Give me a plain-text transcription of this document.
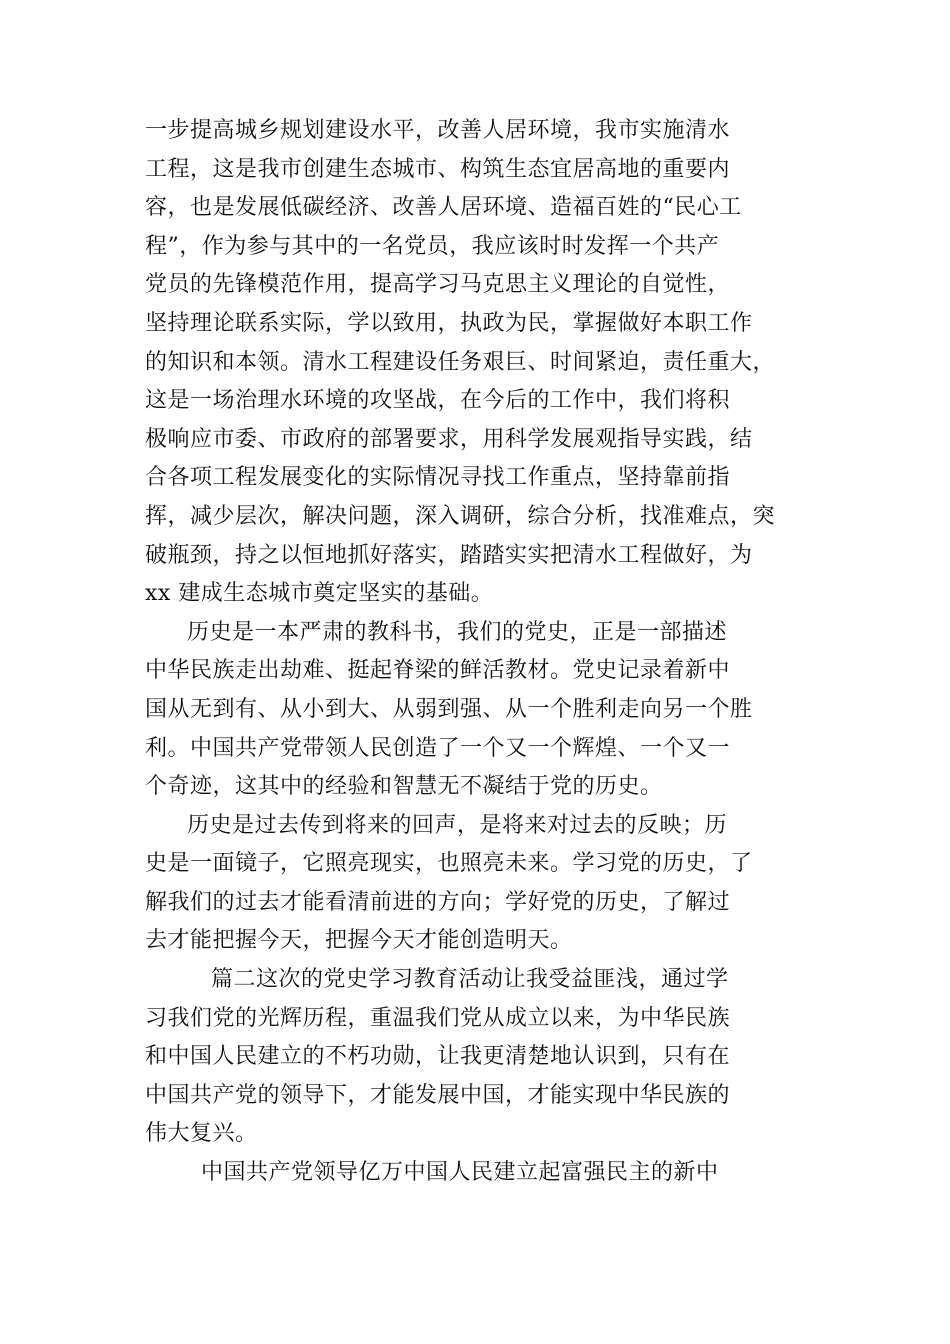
一步提高城乡规划建设水平，改善人居环境，我市实施清水
工程，这是我市创建生态城市、构筑生态宜居高地的重要内
容，也是发展低碳经济、改善人居环境、造福百姓的“民心工
程”，作为参与其中的一名党员，我应该时时发挥一个共产
党员的先锋模范作用，提高学习马克思主义理论的自觉性，
坚持理论联系实际，学以致用，执政为民，掌握做好本职工作
的知识和本领。清水工程建设任务艰巨、时间紧迫，责任重大，
这是一场治理水环境的攻坚战，在今后的工作中，我们将积
极响应市委、市政府的部署要求，用科学发展观指导实践，结
合各项工程发展变化的实际情况寻找工作重点，坚持靠前指
挥，减少层次，解决问题，深入调研，综合分析，找准难点，突
破瓶颈，持之以恒地抓好落实，踏踏实实把清水工程做好，为
xx 建成生态城市奠定坚实的基础。
历史是一本严肃的教科书，我们的党史，正是一部描述
中华民族走出劫难、挺起脊梁的鲜活教材。党史记录着新中
国从无到有、从小到大、从弱到强、从一个胜利走向另一个胜
利。中国共产党带领人民创造了一个又一个辉煌、一个又一
个奇迹，这其中的经验和智慧无不凝结于党的历史。
历史是过去传到将来的回声，是将来对过去的反映；历
史是一面镜子，它照亮现实，也照亮未来。学习党的历史，了
解我们的过去才能看清前进的方向；学好党的历史，了解过
去才能把握今天，把握今天才能创造明天。
篇二这次的党史学习教育活动让我受益匪浅，通过学
习我们党的光辉历程，重温我们党从成立以来，为中华民族
和中国人民建立的不朽功勋，让我更清楚地认识到，只有在
中国共产党的领导下，才能发展中国，才能实现中华民族的
伟大复兴。
中国共产党领导亿万中国人民建立起富强民主的新中
